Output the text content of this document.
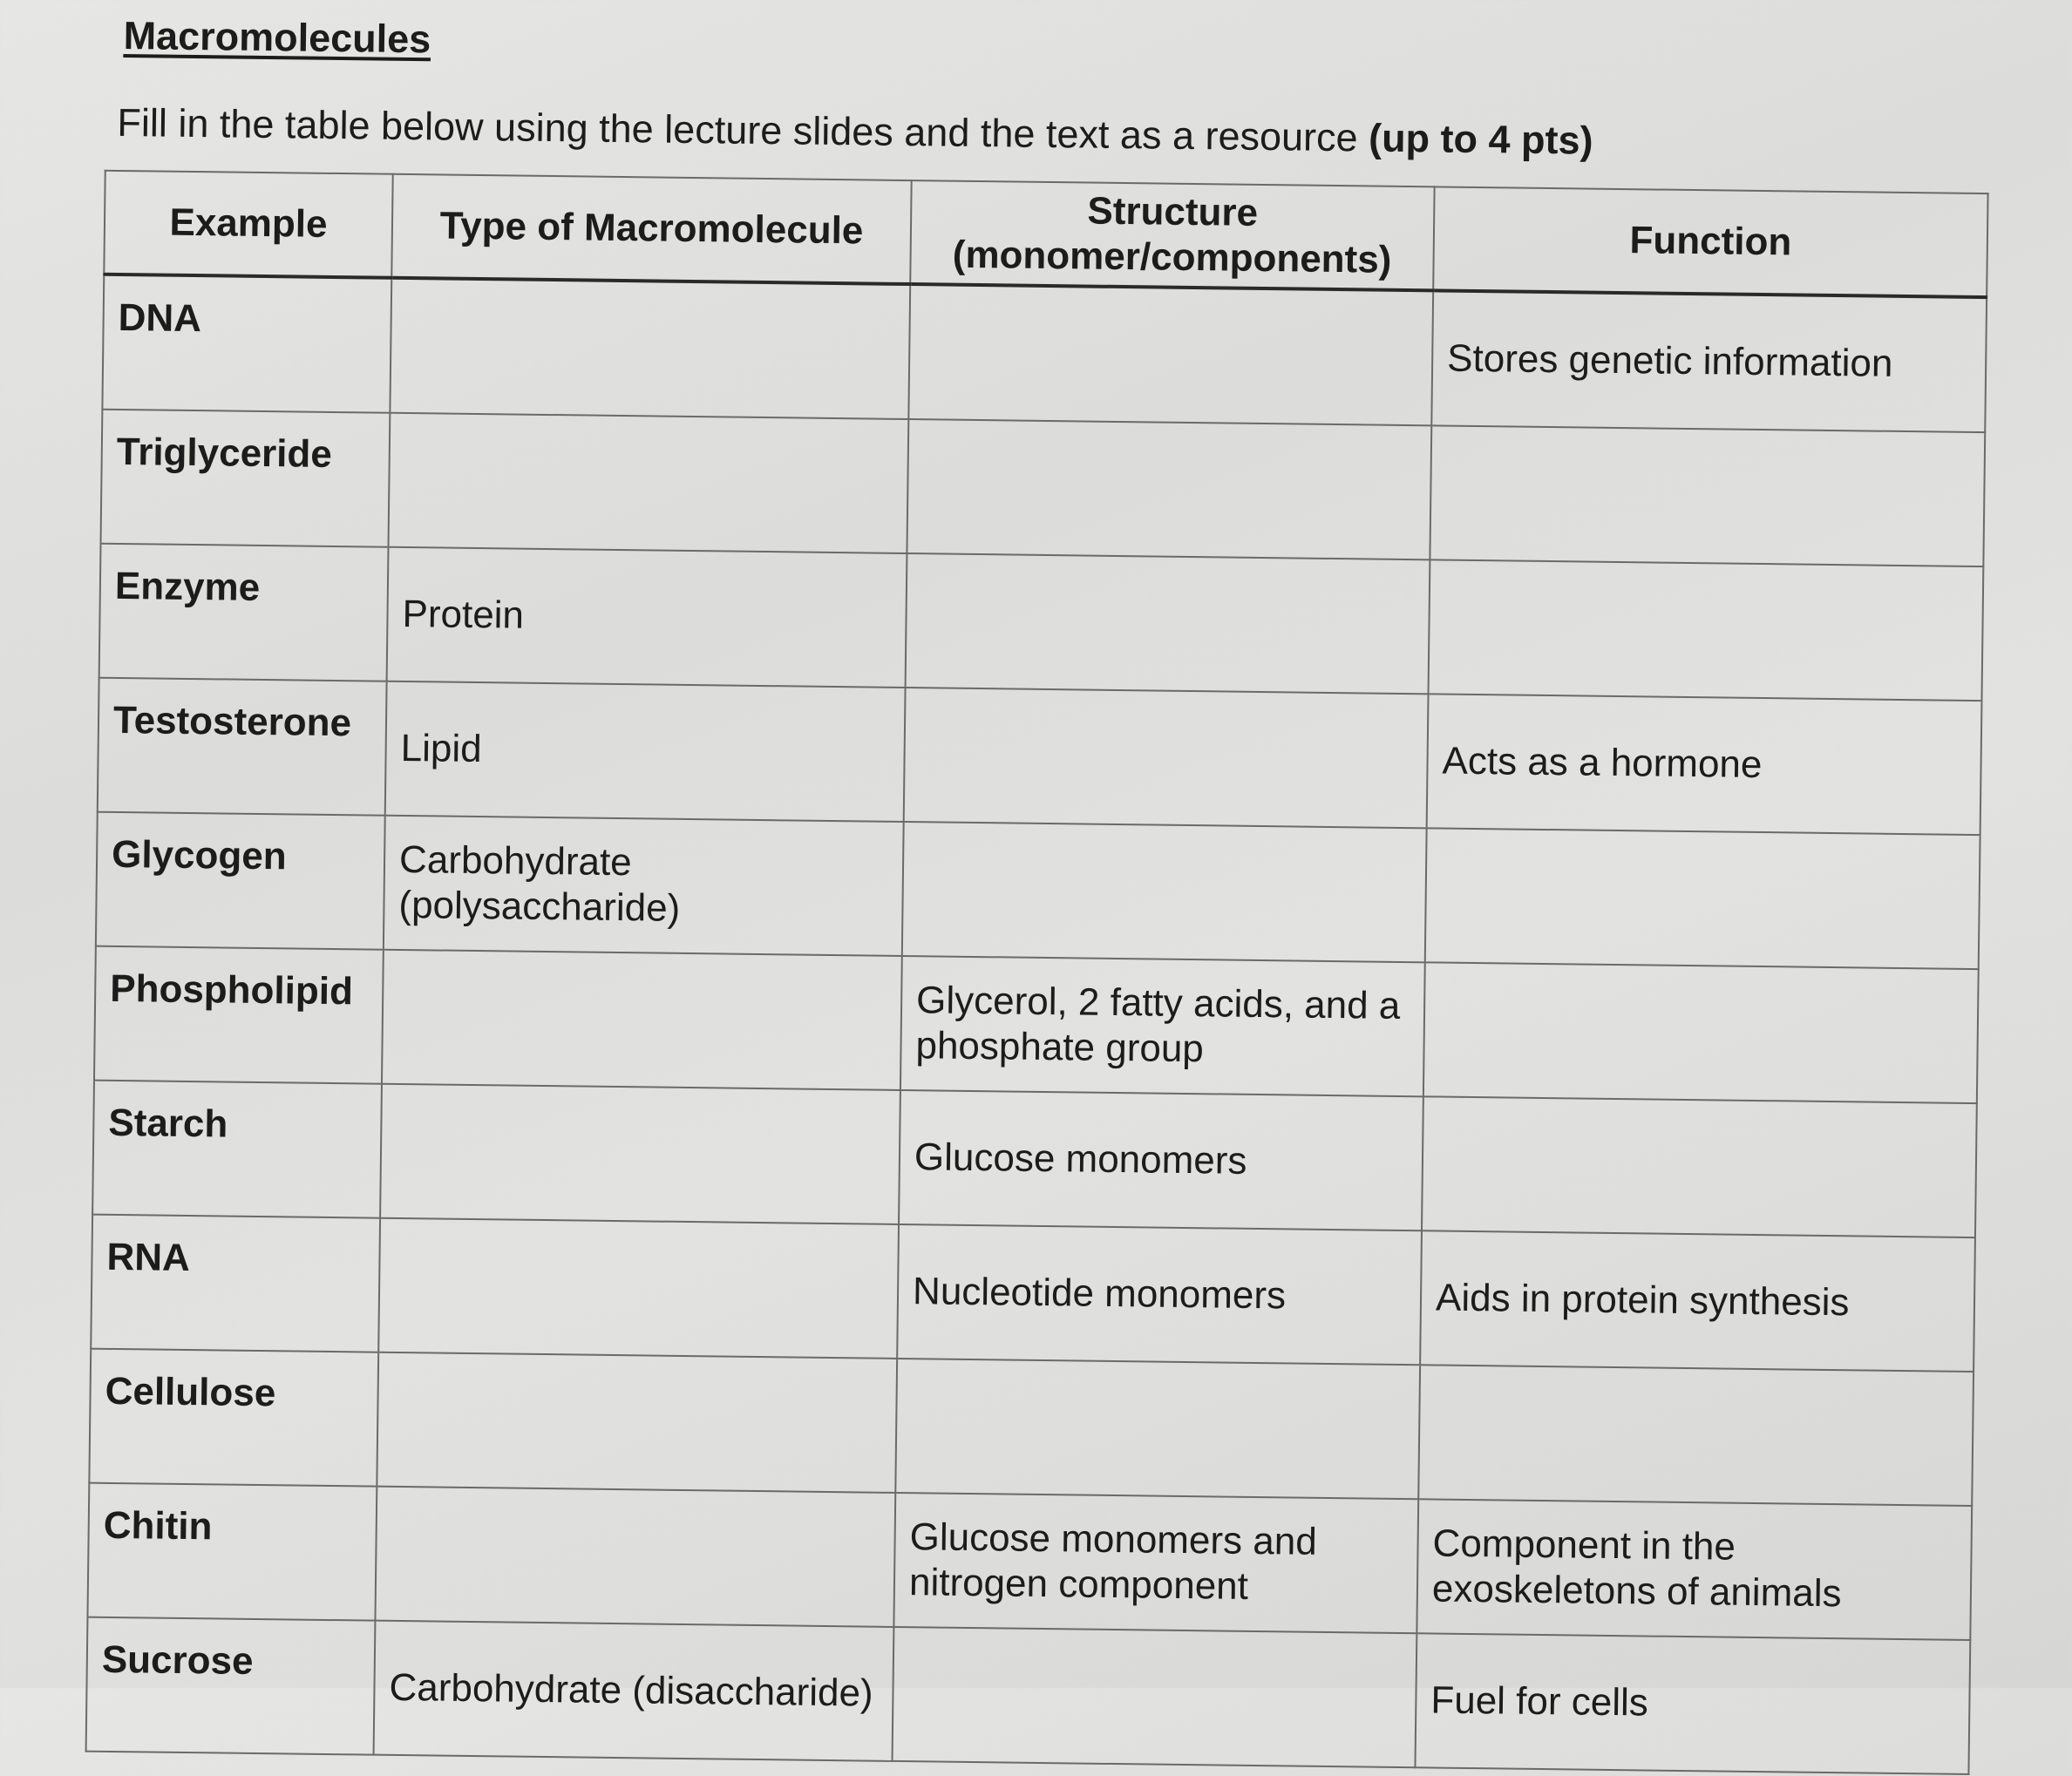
Macromolecules

Fill in the table below using the lecture slides and the text as a resource (up to 4 pts)

Example	Type of Macromolecule	Structure (monomer/components)	Function
DNA			Stores genetic information
Triglyceride			
Enzyme	Protein		
Testosterone	Lipid		Acts as a hormone
Glycogen	Carbohydrate (polysaccharide)		
Phospholipid		Glycerol, 2 fatty acids, and a phosphate group	
Starch		Glucose monomers	
RNA		Nucleotide monomers	Aids in protein synthesis
Cellulose			
Chitin		Glucose monomers and nitrogen component	Component in the exoskeletons of animals
Sucrose	Carbohydrate (disaccharide)		Fuel for cells
